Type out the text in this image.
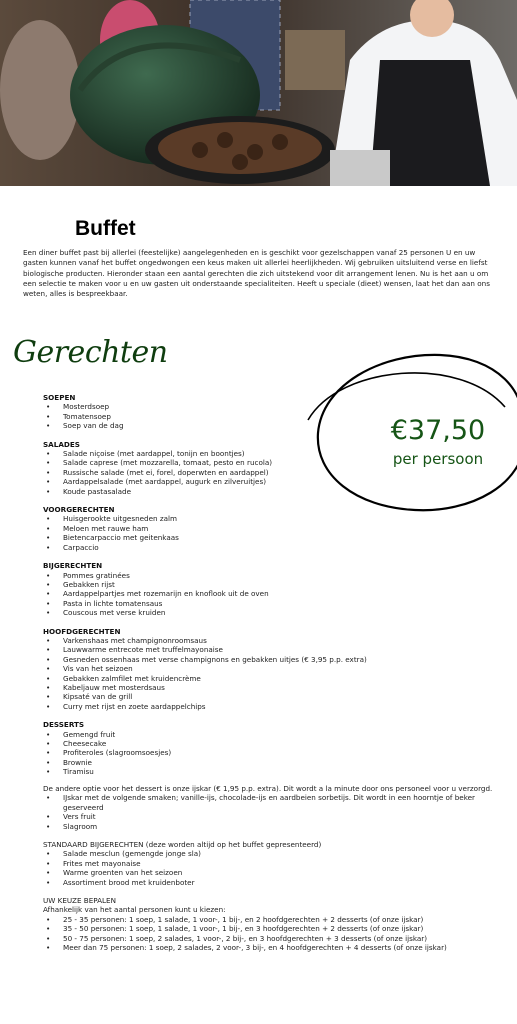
Buffet

Een diner buffet past bij allerlei (feestelijke) aangelegenheden en is geschikt voor gezelschappen vanaf 25 personen U en uw gasten kunnen vanaf het buffet ongedwongen een keus maken uit allerlei heerlijkheden. Wij gebruiken uitsluitend verse en liefst biologische producten. Hieronder staan een aantal gerechten die zich uitstekend voor dit arrangement lenen. Nu is het aan u om een selectie te maken voor u en uw gasten uit onderstaande specialiteiten. Heeft u speciale (dieet) wensen, laat het dan aan ons weten, alles is bespreekbaar.

Gerechten
€37,50
per persoon
SOEPEN
• Mosterdsoep
• Tomatensoep
• Soep van de dag
SALADES
• Salade niçoise (met aardappel, tonijn en boontjes)
• Salade caprese (met mozzarella, tomaat, pesto en rucola)
• Russische salade (met ei, forel, doperwten en aardappel)
• Aardappelsalade (met aardappel, augurk en zilveruitjes)
• Koude pastasalade
VOORGERECHTEN
• Huisgerookte uitgesneden zalm
• Meloen met rauwe ham
• Bietencarpaccio met geitenkaas
• Carpaccio
BIJGERECHTEN
• Pommes gratinées
• Gebakken rijst
• Aardappelpartjes met rozemarijn en knoflook uit de oven
• Pasta in lichte tomatensaus
• Couscous met verse kruiden
HOOFDGERECHTEN
• Varkenshaas met champignonroomsaus
• Lauwwarme entrecote met truffelmayonaise
• Gesneden ossenhaas met verse champignons en gebakken uitjes (€ 3,95 p.p. extra)
• Vis van het seizoen
• Gebakken zalmfilet met kruidencrème
• Kabeljauw met mosterdsaus
• Kipsaté van de grill
• Curry met rijst en zoete aardappelchips
DESSERTS
• Gemengd fruit
• Cheesecake
• Profiteroles (slagroomsoesjes)
• Brownie
• Tiramisu

De andere optie voor het dessert is onze ijskar (€ 1,95 p.p. extra). Dit wordt a la minute door ons personeel voor u verzorgd.

• IJskar met de volgende smaken; vanille-ijs, chocolade-ijs en aardbeien sorbetijs. Dit wordt in een hoorntje of beker geserveerd
• Vers fruit
• Slagroom

STANDAARD BIJGERECHTEN (deze worden altijd op het buffet gepresenteerd)

• Salade mesclun (gemengde jonge sla)
• Frites met mayonaise
• Warme groenten van het seizoen
• Assortiment brood met kruidenboter

UW KEUZE BEPALEN

Afhankelijk van het aantal personen kunt u kiezen:

• 25 - 35 personen: 1 soep, 1 salade, 1 voor-, 1 bij-, en 2 hoofdgerechten + 2 desserts (of onze ijskar)
• 35 - 50 personen: 1 soep, 1 salade, 1 voor-, 1 bij-, en 3 hoofdgerechten + 2 desserts (of onze ijskar)
• 50 - 75 personen: 1 soep, 2 salades, 1 voor-, 2 bij-, en 3 hoofdgerechten + 3 desserts (of onze ijskar)
• Meer dan 75 personen: 1 soep, 2 salades, 2 voor-, 3 bij-, en 4 hoofdgerechten + 4 desserts (of onze ijskar)
